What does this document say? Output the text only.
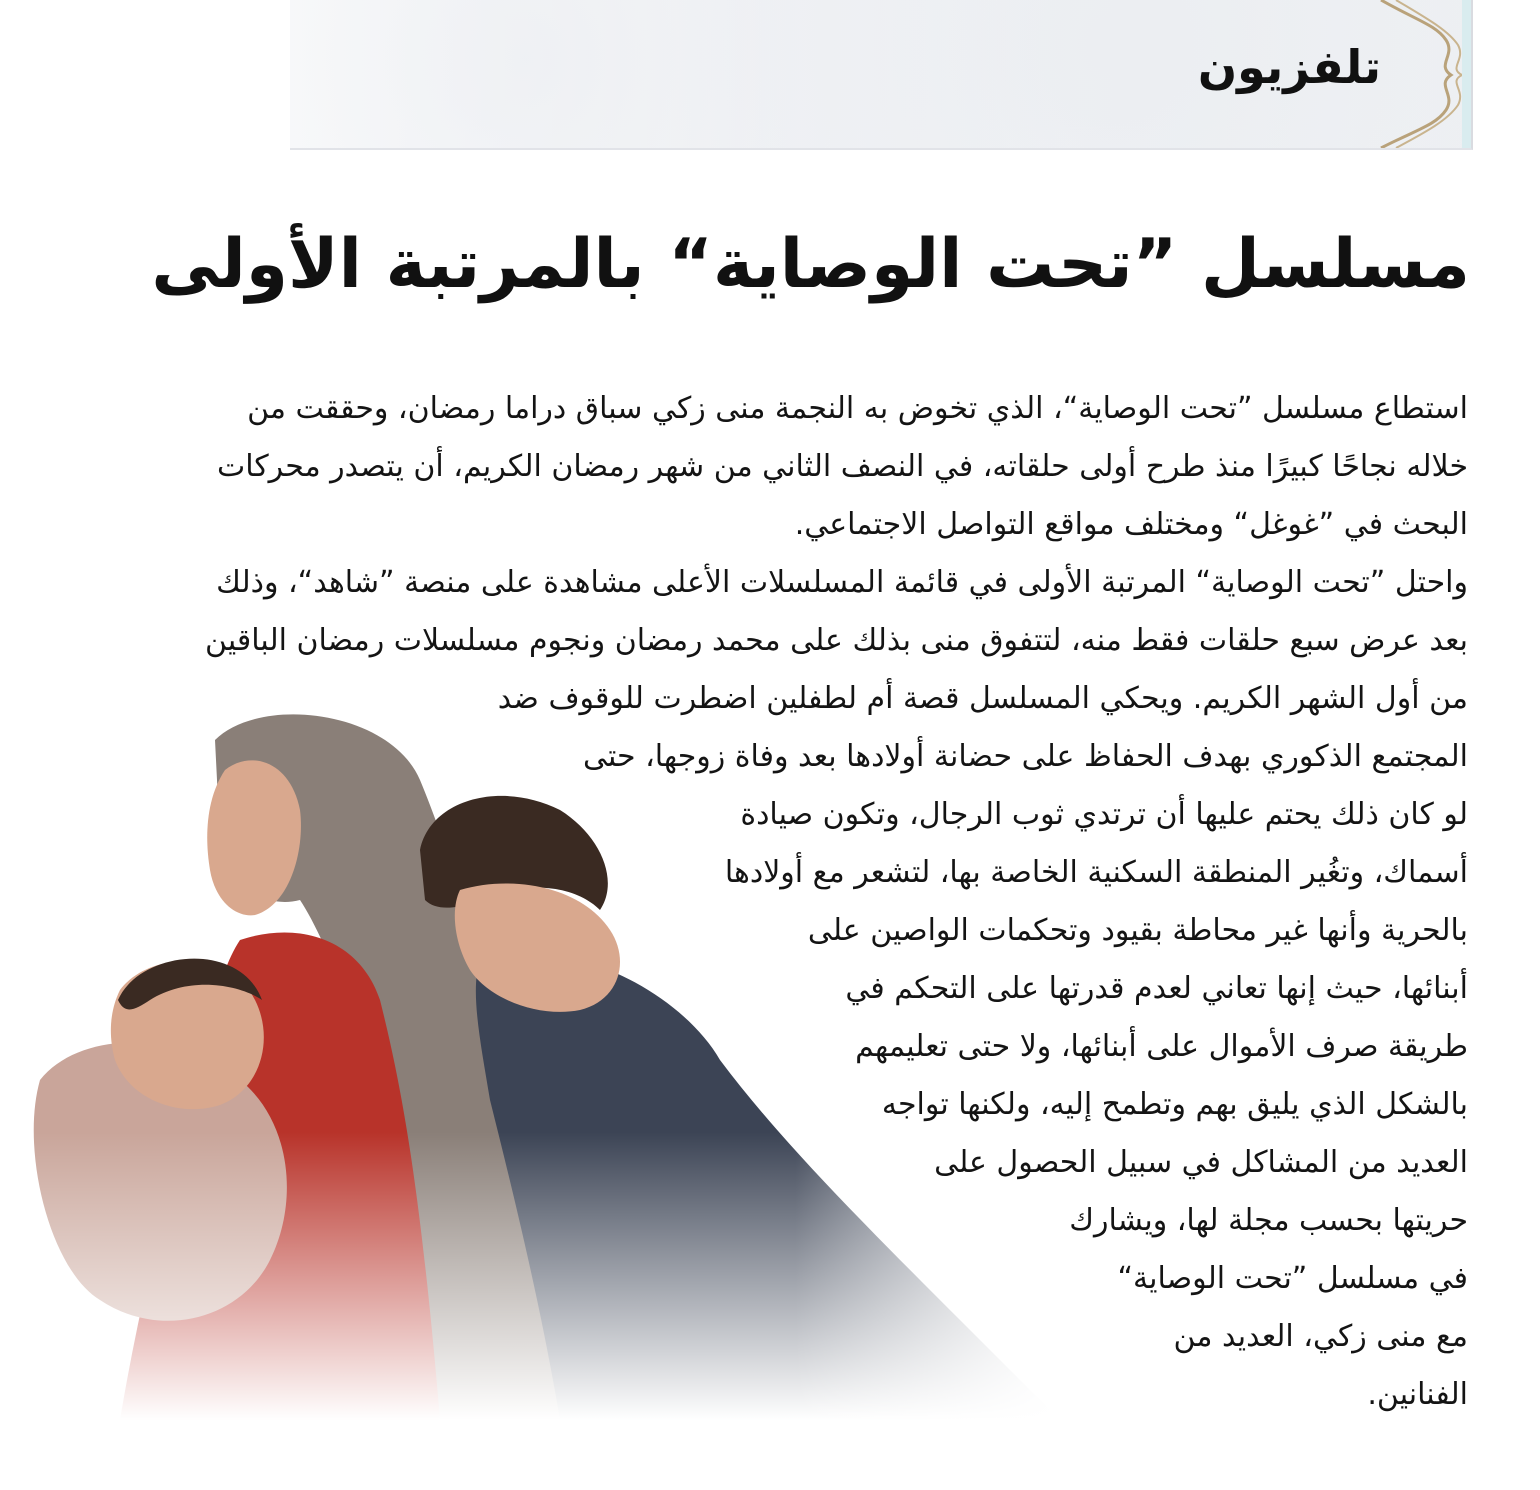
تلفزيون
مسلسل ”تحت الوصاية“ بالمرتبة الأولى
استطاع مسلسل ”تحت الوصاية“، الذي تخوض به النجمة منى زكي سباق دراما رمضان، وحققت من
خلاله نجاحًا كبيرًا منذ طرح أولى حلقاته، في النصف الثاني من شهر رمضان الكريم، أن يتصدر محركات
البحث في ”غوغل“ ومختلف مواقع التواصل الاجتماعي.
واحتل ”تحت الوصاية“ المرتبة الأولى في قائمة المسلسلات الأعلى مشاهدة على منصة ”شاهد“، وذلك
بعد عرض سبع حلقات فقط منه، لتتفوق منى بذلك على محمد رمضان ونجوم مسلسلات رمضان الباقين
من أول الشهر الكريم. ويحكي المسلسل قصة أم لطفلين اضطرت للوقوف ضد
المجتمع الذكوري بهدف الحفاظ على حضانة أولادها بعد وفاة زوجها، حتى
لو كان ذلك يحتم عليها أن ترتدي ثوب الرجال، وتكون صيادة
أسماك، وتغُير المنطقة السكنية الخاصة بها، لتشعر مع أولادها
بالحرية وأنها غير محاطة بقيود وتحكمات الواصين على
أبنائها، حيث إنها تعاني لعدم قدرتها على التحكم في
طريقة صرف الأموال على أبنائها، ولا حتى تعليمهم
بالشكل الذي يليق بهم وتطمح إليه، ولكنها تواجه
العديد من المشاكل في سبيل الحصول على
حريتها بحسب مجلة لها، ويشارك
في مسلسل ”تحت الوصاية“
مع منى زكي، العديد من
الفنانين.
